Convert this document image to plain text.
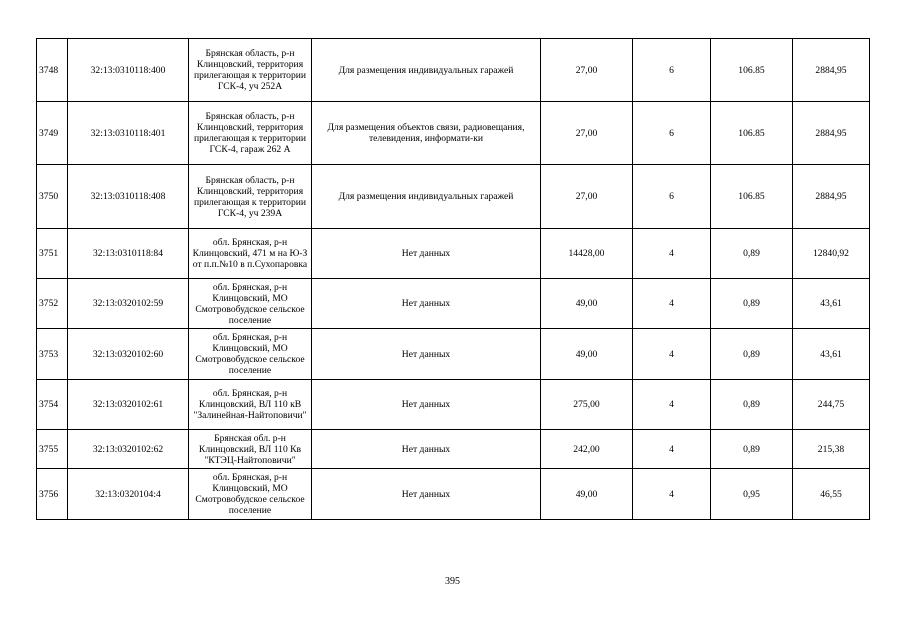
3748	32:13:0310118:400	Брянская область, р-н Клинцовский, территория прилегающая к территории ГСК-4, уч 252А	Для размещения индивидуальных гаражей	27,00	6	106.85	2884,95
3749	32:13:0310118:401	Брянская область, р-н Клинцовский, территория прилегающая к территории ГСК-4, гараж 262 А	Для размещения объектов связи, радиовещания, телевидения, информати-ки	27,00	6	106.85	2884,95
3750	32:13:0310118:408	Брянская область, р-н Клинцовский, территория прилегающая к территории ГСК-4, уч 239А	Для размещения индивидуальных гаражей	27,00	6	106.85	2884,95
3751	32:13:0310118:84	обл. Брянская, р-н Клинцовский, 471 м на Ю-З от п.п.№10 в п.Сухопаровка	Нет данных	14428,00	4	0,89	12840,92
3752	32:13:0320102:59	обл. Брянская, р-н Клинцовский, МО Смотровобудское сельское поселение	Нет данных	49,00	4	0,89	43,61
3753	32:13:0320102:60	обл. Брянская, р-н Клинцовский, МО Смотровобудское сельское поселение	Нет данных	49,00	4	0,89	43,61
3754	32:13:0320102:61	обл. Брянская, р-н Клинцовский, ВЛ 110 кВ "Залинейная-Найтоповичи"	Нет данных	275,00	4	0,89	244,75
3755	32:13:0320102:62	Брянская обл. р-н Клинцовский, ВЛ 110 Кв "КТЭЦ-Найтоповичи"	Нет данных	242,00	4	0,89	215,38
3756	32:13:0320104:4	обл. Брянская, р-н Клинцовский, МО Смотровобудское сельское поселение	Нет данных	49,00	4	0,95	46,55
395
